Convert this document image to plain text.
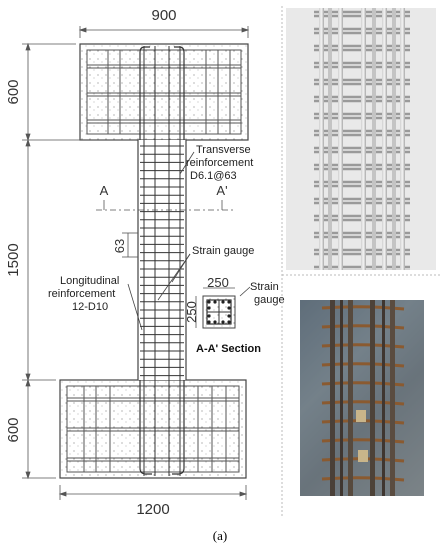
900
1200
600
1500
600
63
A	A'
Transverse
reinforcement
D6.1@63
Strain gauge
Longitudinal
reinforcement
12-D10
250
250
Strain
gauge
A-A' Section
(a)
